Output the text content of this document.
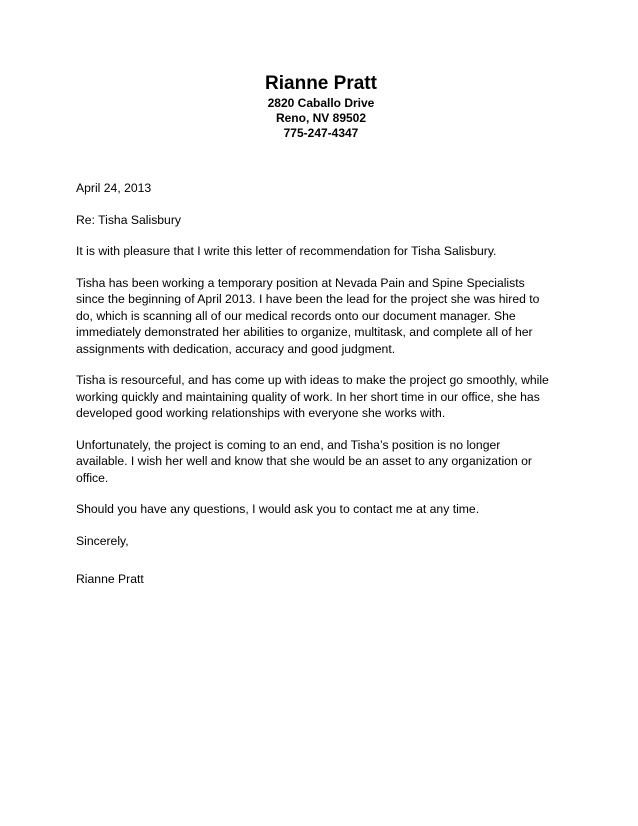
Rianne Pratt
2820 Caballo Drive
Reno, NV 89502
775-247-4347

April 24, 2013

Re: Tisha Salisbury

It is with pleasure that I write this letter of recommendation for Tisha Salisbury.

Tisha has been working a temporary position at Nevada Pain and Spine Specialists
since the beginning of April 2013. I have been the lead for the project she was hired to
do, which is scanning all of our medical records onto our document manager. She
immediately demonstrated her abilities to organize, multitask, and complete all of her
assignments with dedication, accuracy and good judgment.

Tisha is resourceful, and has come up with ideas to make the project go smoothly, while
working quickly and maintaining quality of work. In her short time in our office, she has
developed good working relationships with everyone she works with.

Unfortunately, the project is coming to an end, and Tisha’s position is no longer
available. I wish her well and know that she would be an asset to any organization or
office.

Should you have any questions, I would ask you to contact me at any time.

Sincerely,

Rianne Pratt
